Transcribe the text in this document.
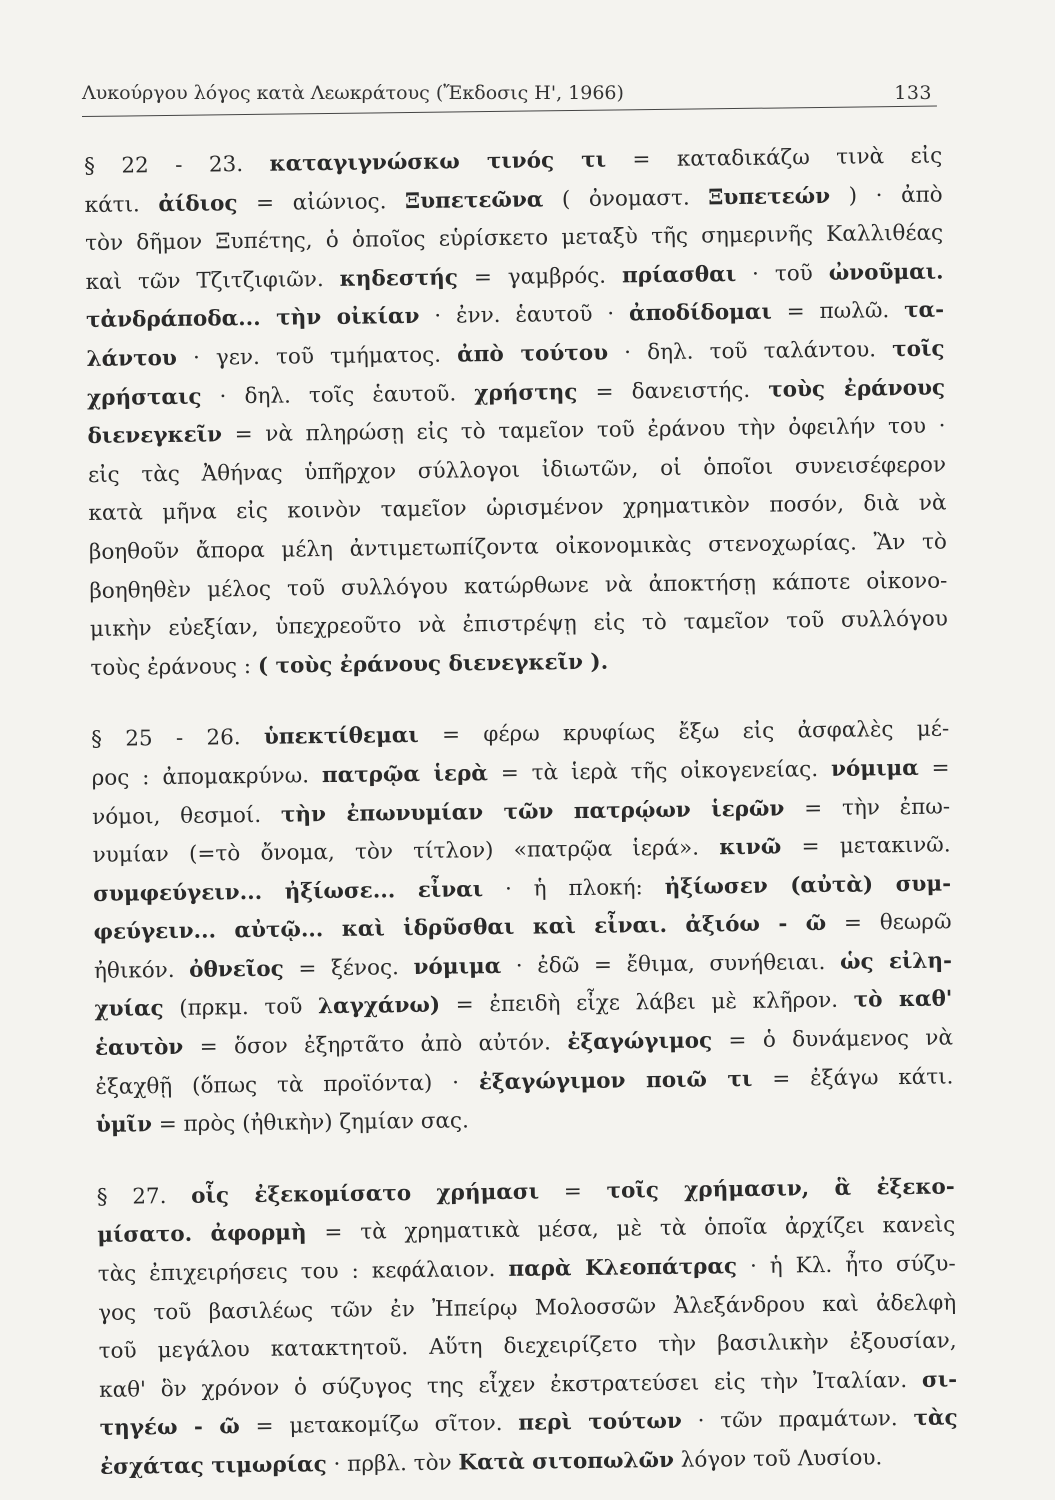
Λυκούργου λόγος κατὰ Λεωκράτους (Ἔκδοσις Η', 1966)	133
§ 22 - 23. καταγιγνώσκω τινός τι = καταδικάζω τινὰ εἰς
κάτι. ἀίδιος = αἰώνιος. Ξυπετεῶνα ( ὀνομαστ. Ξυπετεών ) · ἀπὸ
τὸν δῆμον Ξυπέτης, ὁ ὁποῖος εὑρίσκετο μεταξὺ τῆς σημερινῆς Καλλιθέας
καὶ τῶν Τζιτζιφιῶν. κηδεστής = γαμβρός. πρίασθαι · τοῦ ὠνοῦμαι.
τἀνδράποδα... τὴν οἰκίαν · ἐνν. ἑαυτοῦ · ἀποδίδομαι = πωλῶ. τα-
λάντου · γεν. τοῦ τμήματος. ἀπὸ τούτου · δηλ. τοῦ ταλάντου. τοῖς
χρήσταις · δηλ. τοῖς ἑαυτοῦ. χρήστης = δανειστής. τοὺς ἐράνους
διενεγκεῖν = νὰ πληρώσῃ εἰς τὸ ταμεῖον τοῦ ἐράνου τὴν ὀφειλήν του ·
εἰς τὰς Ἀθήνας ὑπῆρχον σύλλογοι ἰδιωτῶν, οἱ ὁποῖοι συνεισέφερον
κατὰ μῆνα εἰς κοινὸν ταμεῖον ὡρισμένον χρηματικὸν ποσόν, διὰ νὰ
βοηθοῦν ἄπορα μέλη ἀντιμετωπίζοντα οἰκονομικὰς στενοχωρίας. Ἂν τὸ
βοηθηθὲν μέλος τοῦ συλλόγου κατώρθωνε νὰ ἀποκτήσῃ κάποτε οἰκονο-
μικὴν εὐεξίαν, ὑπεχρεοῦτο νὰ ἐπιστρέψῃ εἰς τὸ ταμεῖον τοῦ συλλόγου
τοὺς ἐράνους : ( τοὺς ἐράνους διενεγκεῖν ).
§ 25 - 26. ὑπεκτίθεμαι = φέρω κρυφίως ἔξω εἰς ἀσφαλὲς μέ-
ρος : ἀπομακρύνω. πατρῷα ἱερὰ = τὰ ἱερὰ τῆς οἰκογενείας. νόμιμα =
νόμοι, θεσμοί. τὴν ἐπωνυμίαν τῶν πατρῴων ἱερῶν = τὴν ἐπω-
νυμίαν (=τὸ ὄνομα, τὸν τίτλον) «πατρῷα ἱερά». κινῶ = μετακινῶ.
συμφεύγειν... ἠξίωσε... εἶναι · ἡ πλοκή: ἠξίωσεν (αὐτὰ) συμ-
φεύγειν... αὐτῷ... καὶ ἱδρῦσθαι καὶ εἶναι. ἀξιόω - ῶ = θεωρῶ
ἠθικόν. ὀθνεῖος = ξένος. νόμιμα · ἐδῶ = ἔθιμα, συνήθειαι. ὡς εἰλη-
χυίας (πρκμ. τοῦ λαγχάνω) = ἐπειδὴ εἶχε λάβει μὲ κλῆρον. τὸ καθ'
ἑαυτὸν = ὅσον ἐξηρτᾶτο ἀπὸ αὐτόν. ἐξαγώγιμος = ὁ δυνάμενος νὰ
ἐξαχθῇ (ὅπως τὰ προϊόντα) · ἐξαγώγιμον ποιῶ τι = ἐξάγω κάτι.
ὑμῖν = πρὸς (ἠθικὴν) ζημίαν σας.
§ 27. οἷς ἐξεκομίσατο χρήμασι = τοῖς χρήμασιν, ἃ ἐξεκο-
μίσατο. ἀφορμὴ = τὰ χρηματικὰ μέσα, μὲ τὰ ὁποῖα ἀρχίζει κανεὶς
τὰς ἐπιχειρήσεις του : κεφάλαιον. παρὰ Κλεοπάτρας · ἡ Κλ. ἦτο σύζυ-
γος τοῦ βασιλέως τῶν ἐν Ἠπείρῳ Μολοσσῶν Ἀλεξάνδρου καὶ ἀδελφὴ
τοῦ μεγάλου κατακτητοῦ. Αὕτη διεχειρίζετο τὴν βασιλικὴν ἐξουσίαν,
καθ' ὃν χρόνον ὁ σύζυγος της εἶχεν ἐκστρατεύσει εἰς τὴν Ἰταλίαν. σι-
τηγέω - ῶ = μετακομίζω σῖτον. περὶ τούτων · τῶν πραμάτων. τὰς
ἐσχάτας τιμωρίας · πρβλ. τὸν Κατὰ σιτοπωλῶν λόγον τοῦ Λυσίου.
